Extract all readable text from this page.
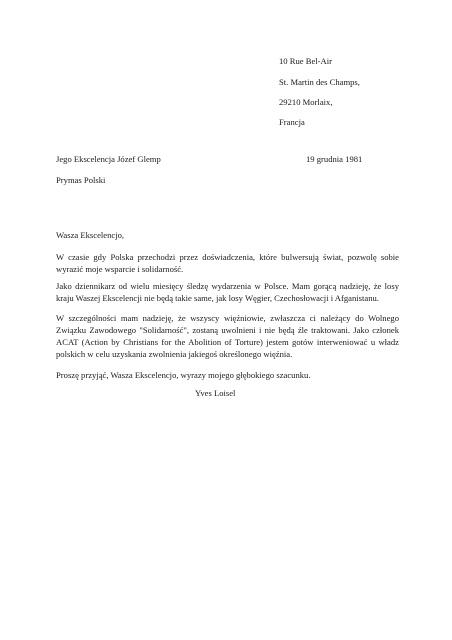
10 Rue Bel-Air
St. Martin des Champs,
29210 Morlaix,
Francja
Jego Ekscelencja Józef Glemp	19 grudnia 1981
Prymas Polski
Wasza Ekscelencjo,
W czasie gdy Polska przechodzi przez doświadczenia, które bulwersują świat, pozwolę sobie wyrazić moje wsparcie i solidarność.
Jako dziennikarz od wielu miesięcy śledzę wydarzenia w Polsce. Mam gorącą nadzieję, że losy kraju Waszej Ekscelencji nie będą takie same, jak losy Węgier, Czechosłowacji i Afganistanu.
W szczególności mam nadzieję, że wszyscy więźniowie, zwłaszcza ci należący do Wolnego Związku Zawodowego "Solidarność", zostaną uwolnieni i nie będą źle traktowani. Jako członek ACAT (Action by Christians for the Abolition of Torture) jestem gotów interweniować u władz polskich w celu uzyskania zwolnienia jakiegoś określonego więźnia.
Proszę przyjąć, Wasza Ekscelencjo, wyrazy mojego głębokiego szacunku.
Yves Loisel
